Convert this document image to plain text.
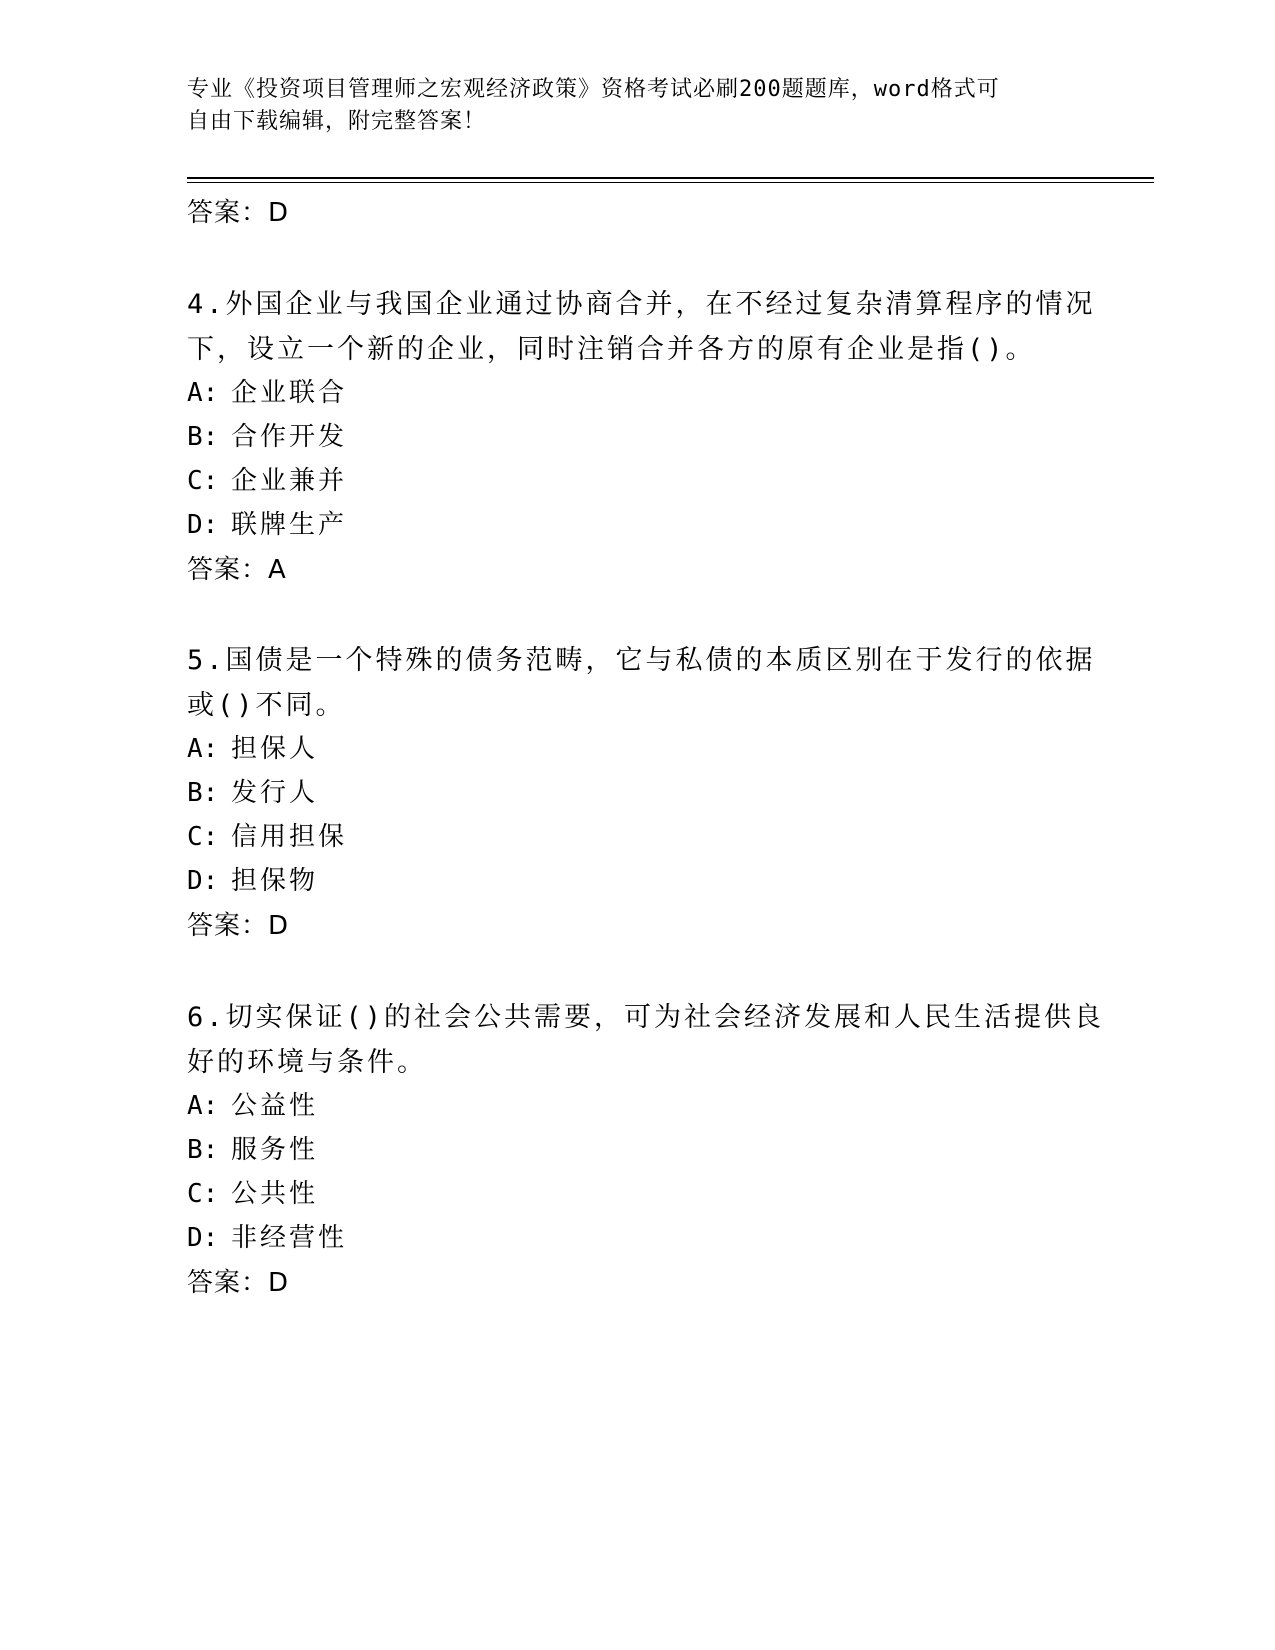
专业《投资项目管理师之宏观经济政策》资格考试必刷200题题库，word格式可
自由下载编辑，附完整答案！
答案：D
4.外国企业与我国企业通过协商合并，在不经过复杂清算程序的情况
下，设立一个新的企业，同时注销合并各方的原有企业是指()。
A: 企业联合
B: 合作开发
C: 企业兼并
D: 联牌生产
答案：A
5.国债是一个特殊的债务范畴，它与私债的本质区别在于发行的依据
或()不同。
A: 担保人
B: 发行人
C: 信用担保
D: 担保物
答案：D
6.切实保证()的社会公共需要，可为社会经济发展和人民生活提供良
好的环境与条件。
A: 公益性
B: 服务性
C: 公共性
D: 非经营性
答案：D
